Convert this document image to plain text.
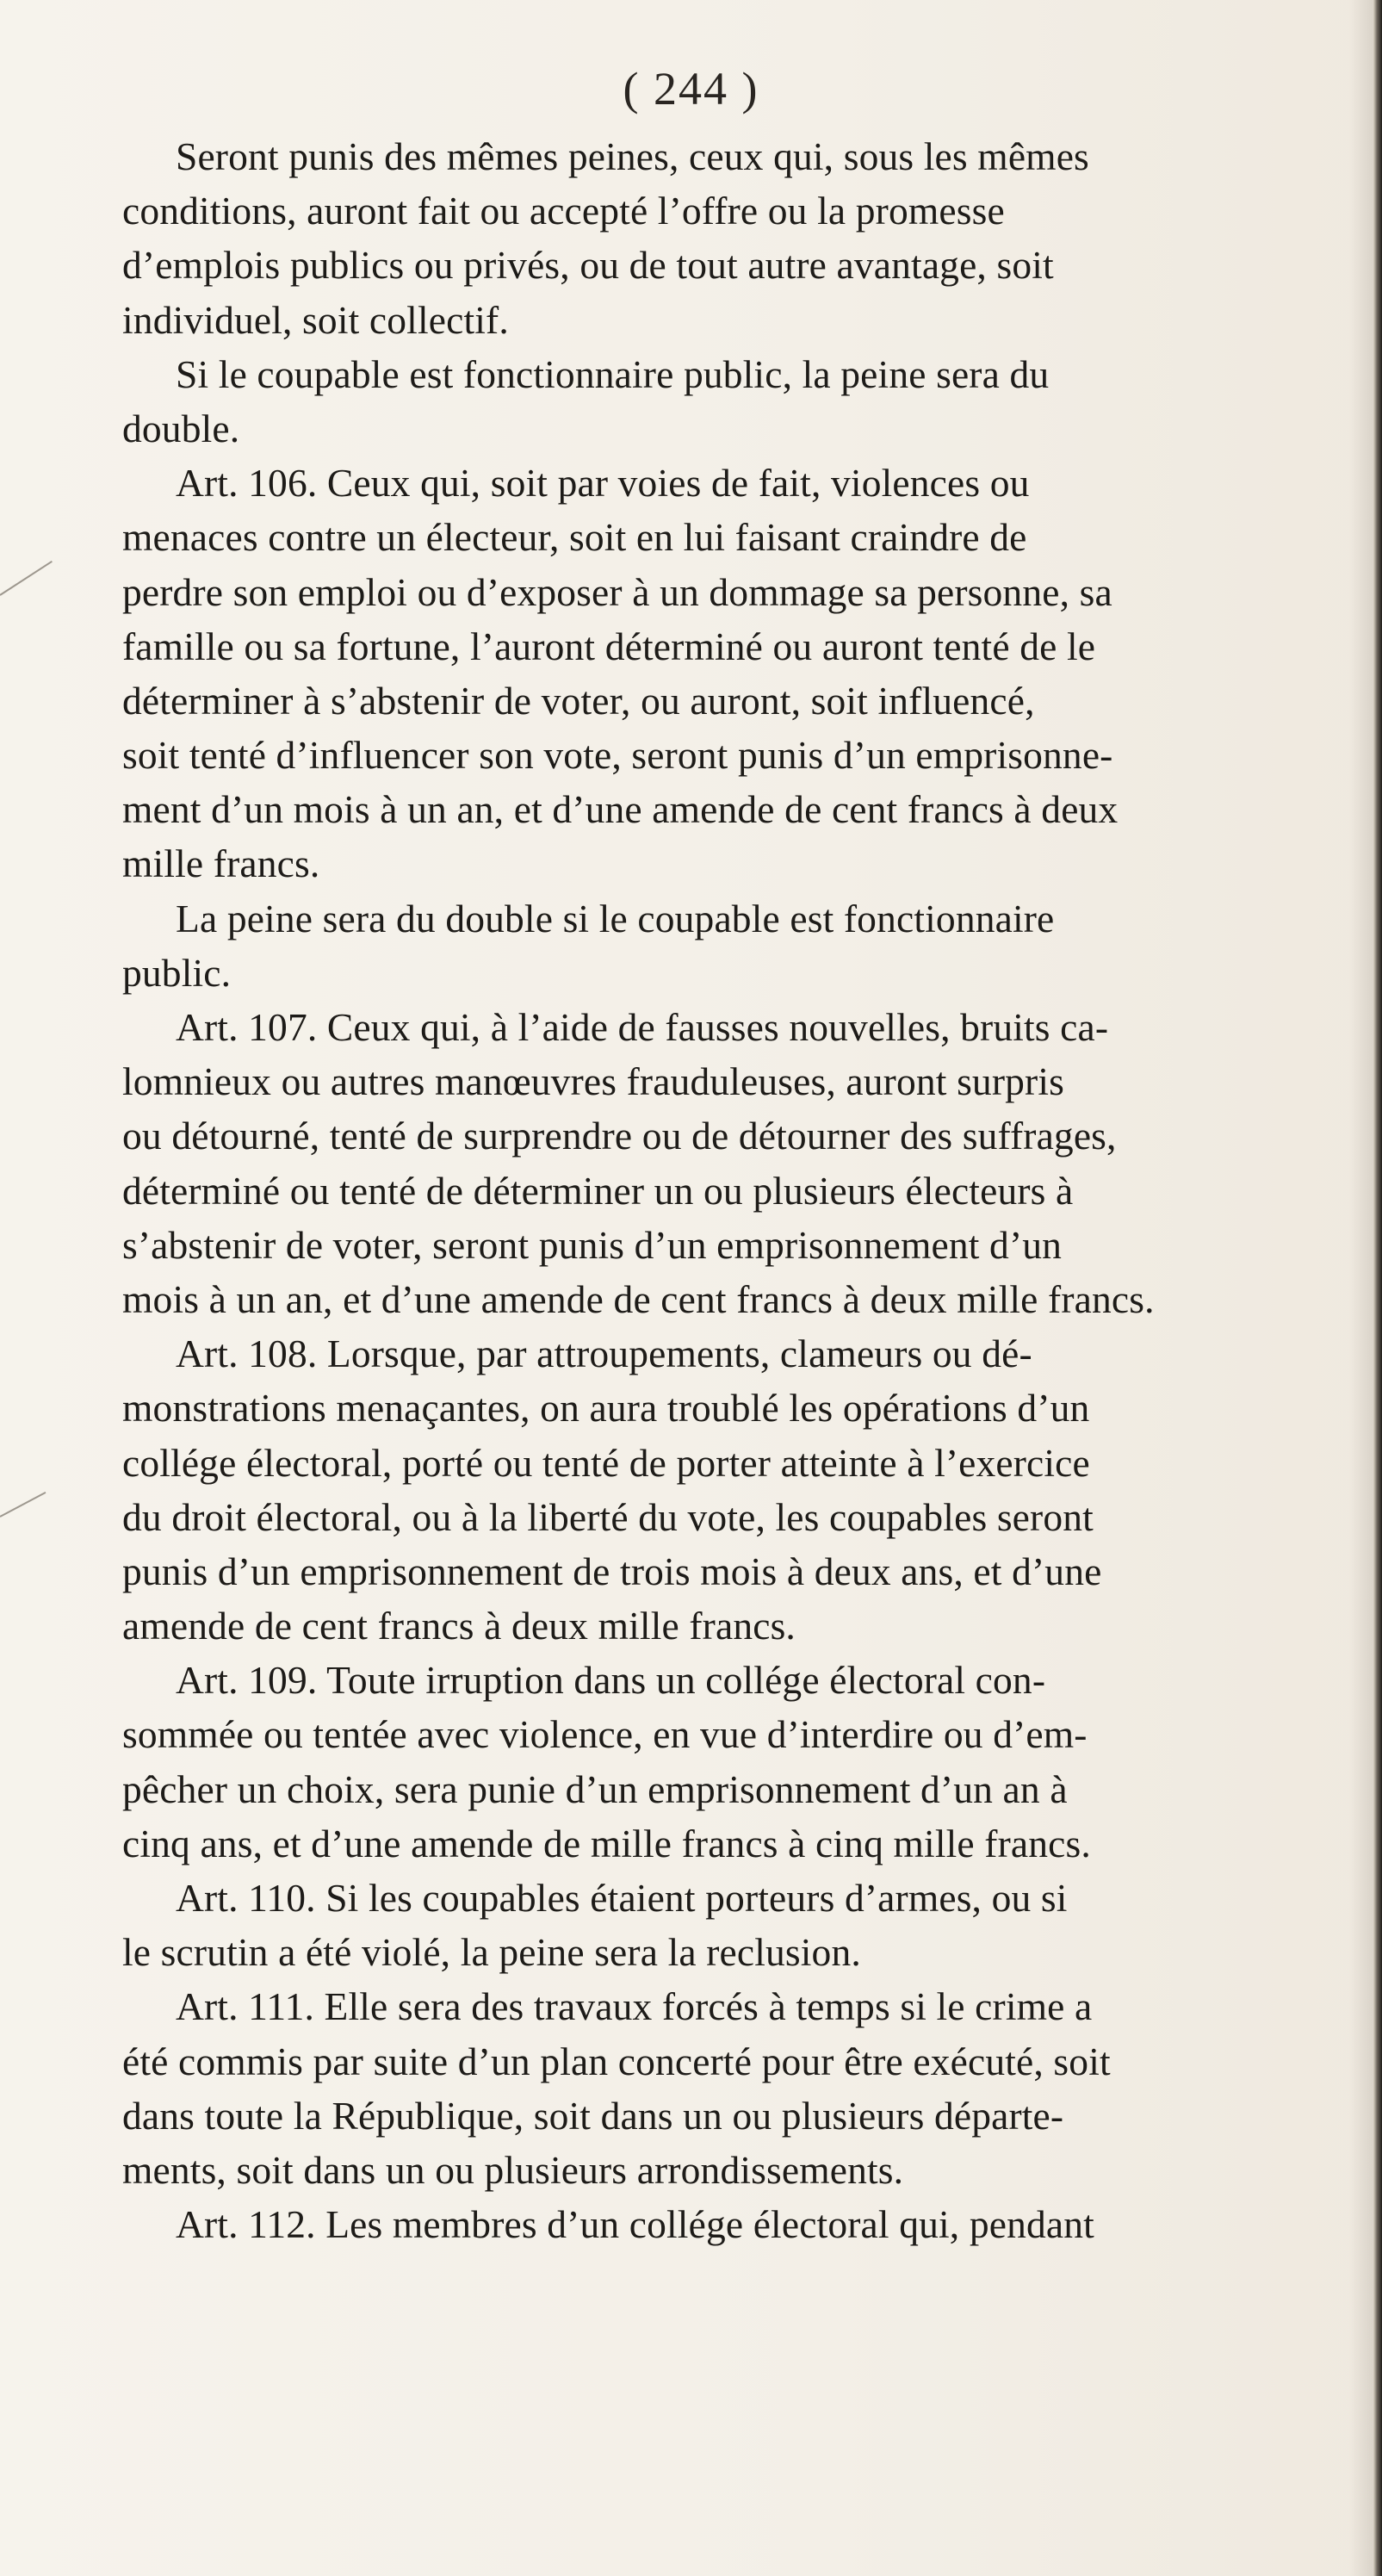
( 244 )
Seront punis des mêmes peines, ceux qui, sous les mêmes
conditions, auront fait ou accepté l’offre ou la promesse
d’emplois publics ou privés, ou de tout autre avantage, soit
individuel, soit collectif.
Si le coupable est fonctionnaire public, la peine sera du
double.
Art. 106. Ceux qui, soit par voies de fait, violences ou
menaces contre un électeur, soit en lui faisant craindre de
perdre son emploi ou d’exposer à un dommage sa personne, sa
famille ou sa fortune, l’auront déterminé ou auront tenté de le
déterminer à s’abstenir de voter, ou auront, soit influencé,
soit tenté d’influencer son vote, seront punis d’un emprisonne-
ment d’un mois à un an, et d’une amende de cent francs à deux
mille francs.
La peine sera du double si le coupable est fonctionnaire
public.
Art. 107. Ceux qui, à l’aide de fausses nouvelles, bruits ca-
lomnieux ou autres manœuvres frauduleuses, auront surpris
ou détourné, tenté de surprendre ou de détourner des suffrages,
déterminé ou tenté de déterminer un ou plusieurs électeurs à
s’abstenir de voter, seront punis d’un emprisonnement d’un
mois à un an, et d’une amende de cent francs à deux mille francs.
Art. 108. Lorsque, par attroupements, clameurs ou dé-
monstrations menaçantes, on aura troublé les opérations d’un
collége électoral, porté ou tenté de porter atteinte à l’exercice
du droit électoral, ou à la liberté du vote, les coupables seront
punis d’un emprisonnement de trois mois à deux ans, et d’une
amende de cent francs à deux mille francs.
Art. 109. Toute irruption dans un collége électoral con-
sommée ou tentée avec violence, en vue d’interdire ou d’em-
pêcher un choix, sera punie d’un emprisonnement d’un an à
cinq ans, et d’une amende de mille francs à cinq mille francs.
Art. 110. Si les coupables étaient porteurs d’armes, ou si
le scrutin a été violé, la peine sera la reclusion.
Art. 111. Elle sera des travaux forcés à temps si le crime a
été commis par suite d’un plan concerté pour être exécuté, soit
dans toute la République, soit dans un ou plusieurs départe-
ments, soit dans un ou plusieurs arrondissements.
Art. 112. Les membres d’un collége électoral qui, pendant
